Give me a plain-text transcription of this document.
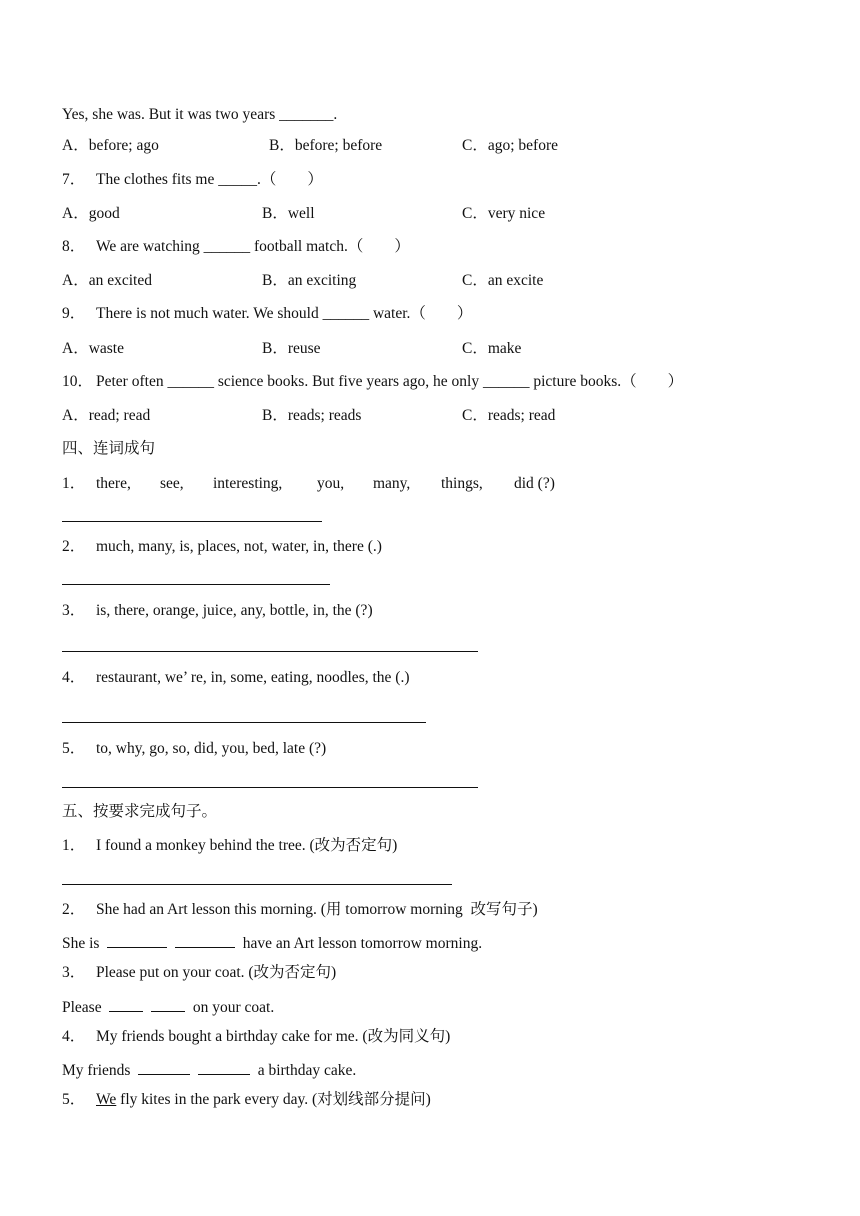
Yes, she was. But it was two years _______.
A．before; ago	B．before; before	C．ago; before
7． The clothes fits me _____.（　　）
A．good	B．well	C．very nice
8． We are watching ______ football match.（　　）
A．an excited	B．an exciting	C．an excite
9． There is not much water. We should ______ water.（　　）
A．waste	B．reuse	C．make
10． Peter often ______ science books. But five years ago, he only ______ picture books.（　　）
A．read; read	B．reads; reads	C．reads; read
四、连词成句
1． there, see, interesting, you, many, things, did (?)
2． much, many, is, places, not, water, in, there (.)
3． is, there, orange, juice, any, bottle, in, the (?)
4． restaurant, we’ re, in, some, eating, noodles, the (.)
5． to, why, go, so, did, you, bed, late (?)
五、按要求完成句子。
1． I found a monkey behind the tree. (改为否定句)
2． She had an Art lesson this morning. (用 tomorrow morning  改写句子)
She is	have an Art lesson tomorrow morning.
3． Please put on your coat. (改为否定句)
Please	on your coat.
4． My friends bought a birthday cake for me. (改为同义句)
My friends	a birthday cake.
5． We fly kites in the park every day. (对划线部分提问)
